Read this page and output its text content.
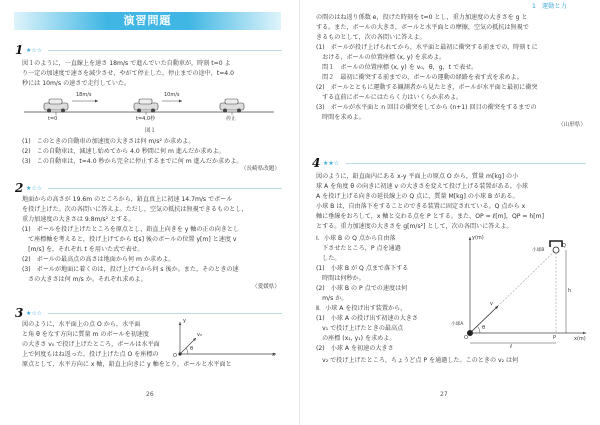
演習問題
1 ★☆☆
図１のように，一直線上を速さ 18m/s で進んでいた自動車が，時刻 t=0 よ
り一定の加速度で速さを減少させ，やがて停止した。停止までの途中，t=4.0
秒には 10m/s の速さで走行していた。
18m/s	10m/s
t=0	t=4.0秒	停止
図１
(1)　このときの自動車の加速度の大きさは何 m/s² か求めよ。
(2)　この自動車は，減速し始めてから 4.0 秒間に何 m 進んだか求めよ。
(3)　この自動車は，t=4.0 秒から完全に停止するまでに何 m 進んだか求めよ。
（長崎県改題）
2 ★☆☆
地面からの高さが 19.6m のところから，鉛直真上に初速 14.7m/s でボール
を投げ上げた。次の各問いに答えよ。ただし，空気の抵抗は無視できるものとし，
重力加速度の大きさは 9.8m/s² とする。
(1)　ボールを投げ上げたところを原点とし，鉛直上向きを y 軸の正の向きとし
　て座標軸を考えると，投げ上げてから t[s] 後のボールの位置 y[m] と速度 v
　[m/s] を，それぞれ t を用いた式で表せ。
(2)　ボールの最高点の高さは地面から何 m か求めよ。
(3)　ボールが地面に着くのは，投げ上げてから何 s 後か。また，そのときの速
　さの大きさは何 m/s か。それぞれ求めよ。
（愛媛県）
3 ★☆☆
図のように，水平面上の点 O から，水平面
と角 θ をなす方向に質量 m のボールを初速度
の大きさ v₀ で投げ上げたところ，ボールは水平面
上で何度もはね返った。投げ上げた点 O を座標の
原点として，水平方向に x 軸，鉛直上向きに y 軸をとり，ボールと水平面と
y
x
O
v₀
θ
26
1 運動と力
の間のはね返り係数 e，投げた時刻を t=0 とし，重力加速度の大きさを g と
する。また，ボールの大きさ，ボールと水平面との摩擦，空気の抵抗は無視で
きるものとして，次の各問いに答えよ。
(1)　ボールが投げ上げられてから，水平面と最初に衝突する前までの，時刻 t に
　おける，ボールの位置座標 (x, y) を求めよ。
　問１　ボールの位置座標 (x, y) を v₀，θ，g，t で表せ。
　問２　最初に衝突する前までの，ボールの運動の経路を表す式を求めよ。
(2)　ボールとともに運動する観測者から見たとき，ボールが水平面と最初に衝突
　する直前にボールにはたらく力はいくらか求めよ。
(3)　ボールが水平面と n 回目の衝突をしてから (n+1) 回目の衝突をするまでの
　時間を求めよ。
（山形県）
4 ★★☆
図のように，鉛直面内にある x-y 平面上の原点 O から，質量 m[kg] の小
球 A を角度 θ の向きに初速 v の大きさを変えて投げ上げる装置がある。小球
A を投げ上げる向きの延長線上の Q 点に，質量 M[kg] の小球 B がある。
小球 B は，自由落下をすることのできる装置に固定されている。Q 点から x
軸に垂線をおろして，x 軸と交わる点を P とする。また，OP = ℓ[m]，QP = h[m]
とする。重力加速度の大きさを g[m/s²] として，次の各問いに答えよ。
Ⅰ．小球 B の Q 点から自由落
　下させたところ，P 点を通過
　した。
(1)　小球 B が Q 点まで落下する
　時間は何秒か。
(2)　小球 B の P 点での速度は何
　m/s か。
Ⅱ．小球 A を投げ出す装置から，
(1)　小球 A の投げ出す初速の大きさ
　v₁ で投げ上げたときの最高点
　の座標 (x₁, y₁) を求めよ。
(2)　小球 A を初速の大きさ
　v₂ で投げ上げたところ，ちょうど点 P を通過した。このときの v₂ は何
y(m)
x(m)
O	P
Q
小球B
小球A
h
ℓ
v
θ
27
